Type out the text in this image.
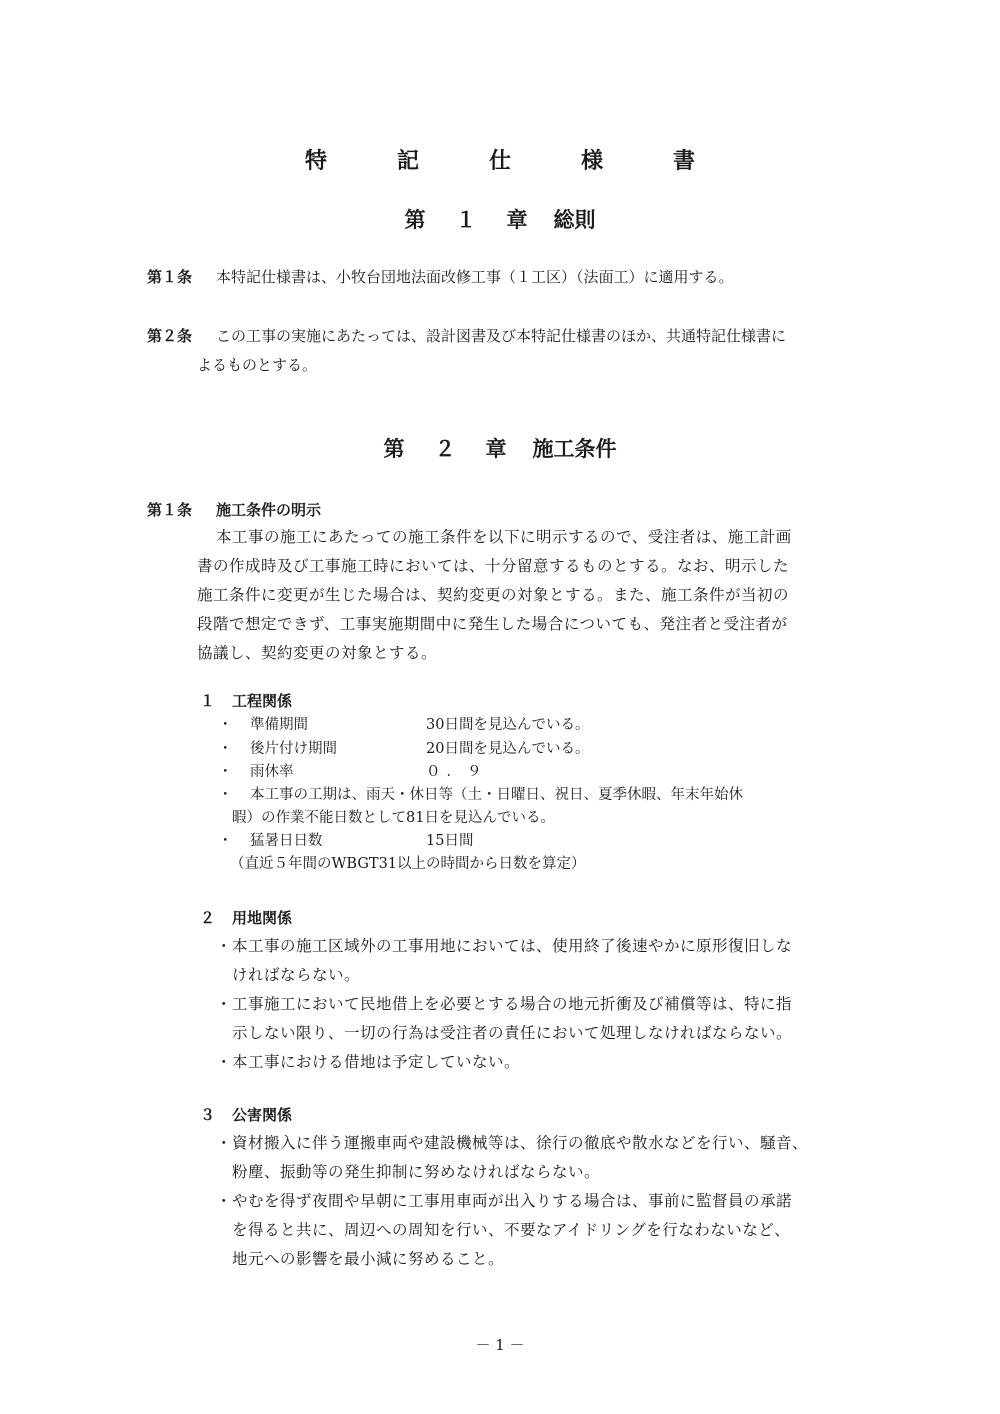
特　記　仕　様　書
第 １ 章 総則
第１条 本特記仕様書は、小牧台団地法面改修工事（１工区）（法面工）に適用する。
第２条 この工事の実施にあたっては、設計図書及び本特記仕様書のほか、共通特記仕様書に
よるものとする。
第 ２ 章 施工条件
第１条 施工条件の明示
本工事の施工にあたっての施工条件を以下に明示するので、受注者は、施工計画
書の作成時及び工事施工時においては、十分留意するものとする。なお、明示した
施工条件に変更が生じた場合は、契約変更の対象とする。また、施工条件が当初の
段階で想定できず、工事実施期間中に発生した場合についても、発注者と受注者が
協議し、契約変更の対象とする。
１ 工程関係
・ 準備期間	30日間を見込んでいる。
・ 後片付け期間	20日間を見込んでいる。
・ 雨休率	０．９
・ 本工事の工期は、雨天・休日等（土・日曜日、祝日、夏季休暇、年末年始休
暇）の作業不能日数として81日を見込んでいる。
・ 猛暑日日数	15日間
（直近５年間のWBGT31以上の時間から日数を算定）
２ 用地関係
・本工事の施工区域外の工事用地においては、使用終了後速やかに原形復旧しな
ければならない。
・工事施工において民地借上を必要とする場合の地元折衝及び補償等は、特に指
示しない限り、一切の行為は受注者の責任において処理しなければならない。
・本工事における借地は予定していない。
３ 公害関係
・資材搬入に伴う運搬車両や建設機械等は、徐行の徹底や散水などを行い、騒音、
粉塵、振動等の発生抑制に努めなければならない。
・やむを得ず夜間や早朝に工事用車両が出入りする場合は、事前に監督員の承諾
を得ると共に、周辺への周知を行い、不要なアイドリングを行なわないなど、
地元への影響を最小減に努めること。
－ 1 －
